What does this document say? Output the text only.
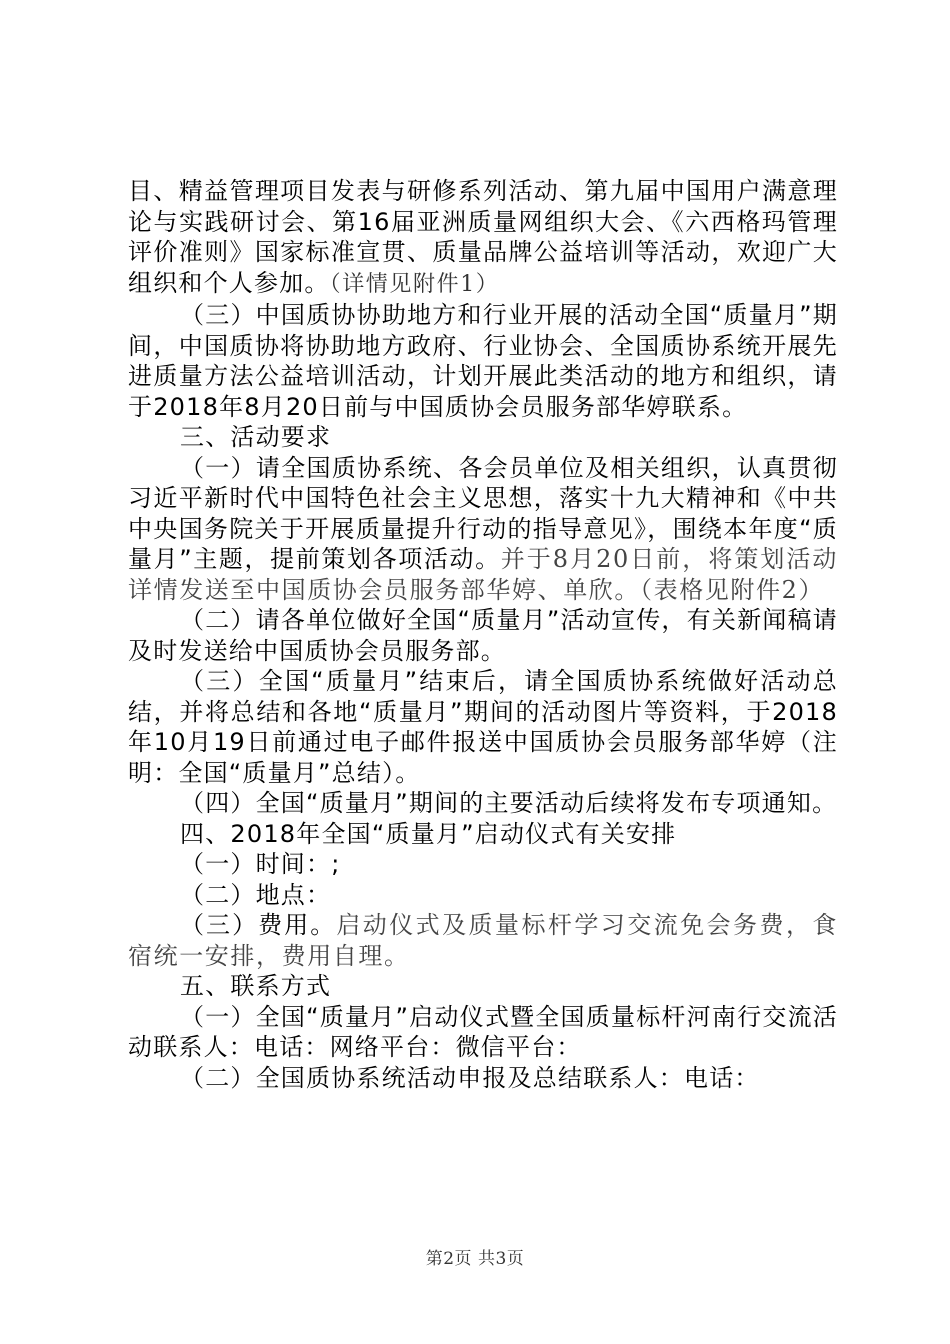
目、精益管理项目发表与研修系列活动、第九届中国用户满意理论与实践研讨会、第16届亚洲质量网组织大会、《六西格玛管理评价准则》国家标准宣贯、质量品牌公益培训等活动，欢迎广大组织和个人参加。（详情见附件1）

（三）中国质协协助地方和行业开展的活动全国“质量月”期间，中国质协将协助地方政府、行业协会、全国质协系统开展先进质量方法公益培训活动，计划开展此类活动的地方和组织，请于2018年8月20日前与中国质协会员服务部华婷联系。

三、活动要求

（一）请全国质协系统、各会员单位及相关组织，认真贯彻习近平新时代中国特色社会主义思想，落实十九大精神和《中共中央国务院关于开展质量提升行动的指导意见》，围绕本年度“质量月”主题，提前策划各项活动。并于8月20日前，将策划活动详情发送至中国质协会员服务部华婷、单欣。（表格见附件2）

（二）请各单位做好全国“质量月”活动宣传，有关新闻稿请及时发送给中国质协会员服务部。

（三）全国“质量月”结束后，请全国质协系统做好活动总结，并将总结和各地“质量月”期间的活动图片等资料，于2018年10月19日前通过电子邮件报送中国质协会员服务部华婷（注明：全国“质量月”总结）。

（四）全国“质量月”期间的主要活动后续将发布专项通知。

四、2018年全国“质量月”启动仪式有关安排

（一）时间：;

（二）地点：

（三）费用。启动仪式及质量标杆学习交流免会务费，食宿统一安排，费用自理。

五、联系方式

（一）全国“质量月”启动仪式暨全国质量标杆河南行交流活动联系人：电话：网络平台：微信平台：

（二）全国质协系统活动申报及总结联系人：电话：

第2页 共3页
